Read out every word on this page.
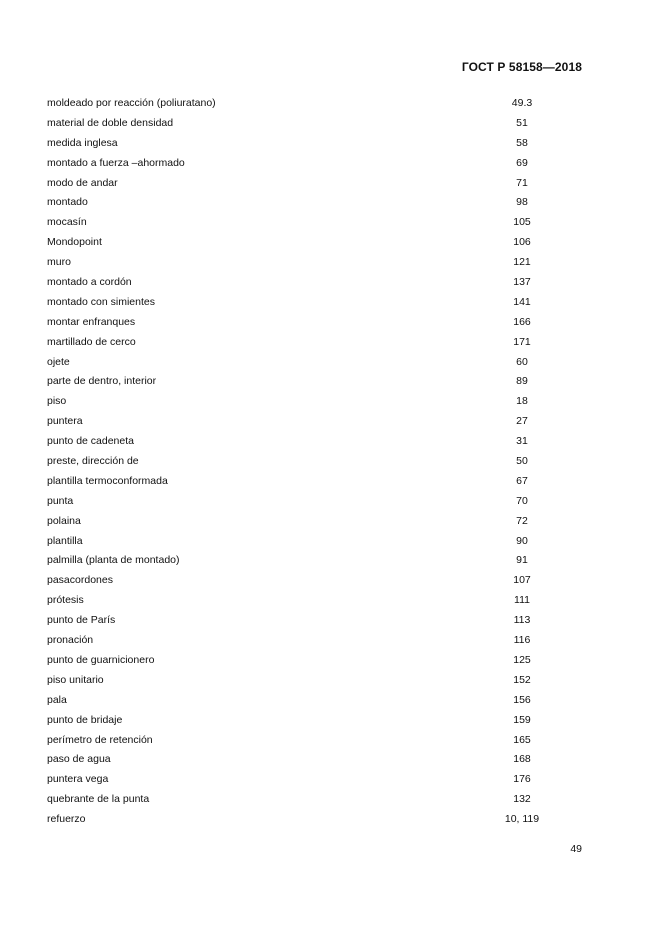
ГОСТ Р 58158—2018
moldeado por reacción (poliuratano)	49.3
material de doble densidad	51
medida inglesa	58
montado a fuerza –ahormado	69
modo de andar	71
montado	98
mocasín	105
Mondopoint	106
muro	121
montado a cordón	137
montado con simientes	141
montar enfranques	166
martillado de cerco	171
ojete	60
parte de dentro, interior	89
piso	18
puntera	27
punto de cadeneta	31
preste, dirección de	50
plantilla termoconformada	67
punta	70
polaina	72
plantilla	90
palmilla (planta de montado)	91
pasacordones	107
prótesis	111
punto de París	113
pronación	116
punto de guarnicionero	125
piso unitario	152
pala	156
punto de bridaje	159
perímetro de retención	165
paso de agua	168
puntera vega	176
quebrante de la punta	132
refuerzo	10, 119
49
